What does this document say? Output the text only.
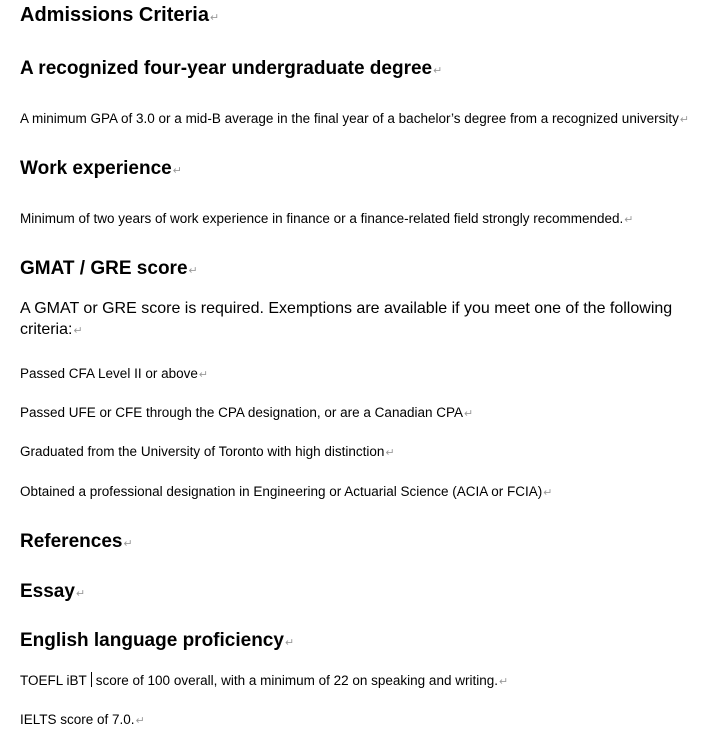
Admissions Criteria↵
A recognized four-year undergraduate degree↵
A minimum GPA of 3.0 or a mid-B average in the final year of a bachelor’s degree from a recognized university↵
Work experience↵
Minimum of two years of work experience in finance or a finance-related field strongly recommended.↵
GMAT / GRE score↵
A GMAT or GRE score is required. Exemptions are available if you meet one of the following criteria:↵
Passed CFA Level II or above↵
Passed UFE or CFE through the CPA designation, or are a Canadian CPA↵
Graduated from the University of Toronto with high distinction↵
Obtained a professional designation in Engineering or Actuarial Science (ACIA or FCIA)↵
References↵
Essay↵
English language proficiency↵
TOEFL iBT score of 100 overall, with a minimum of 22 on speaking and writing.↵
IELTS score of 7.0.↵
